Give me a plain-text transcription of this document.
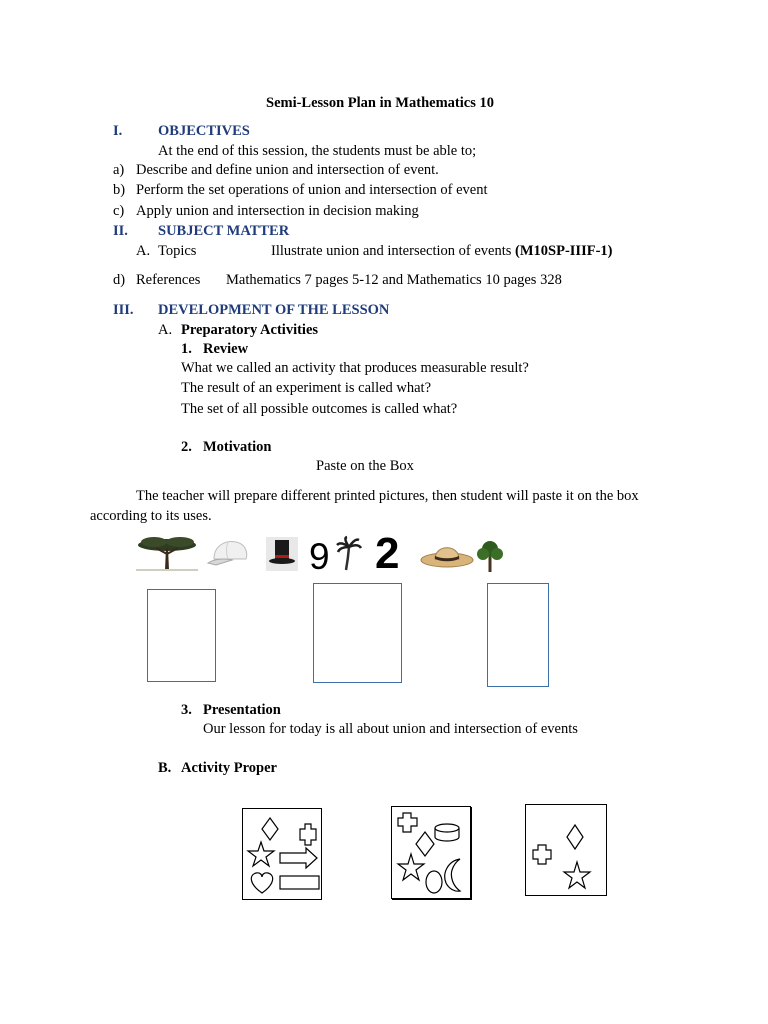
Semi-Lesson Plan in Mathematics 10
I. OBJECTIVES
At the end of this session, the students must be able to;
a) Describe and define union and intersection of event.
b) Perform the set operations of union and intersection of event
c) Apply union and intersection in decision making
II. SUBJECT MATTER
A. Topics	Illustrate union and intersection of events (M10SP-IIIF-1)
d) References Mathematics 7 pages 5-12 and Mathematics 10 pages 328
III. DEVELOPMENT OF THE LESSON
A. Preparatory Activities
1. Review
What we called an activity that produces measurable result?
The result of an experiment is called what?
The set of all possible outcomes is called what?
2. Motivation
Paste on the Box
The teacher will prepare different printed pictures, then student will paste it on the box
according to its uses.
9 2
3. Presentation
Our lesson for today is all about union and intersection of events
B. Activity Proper
